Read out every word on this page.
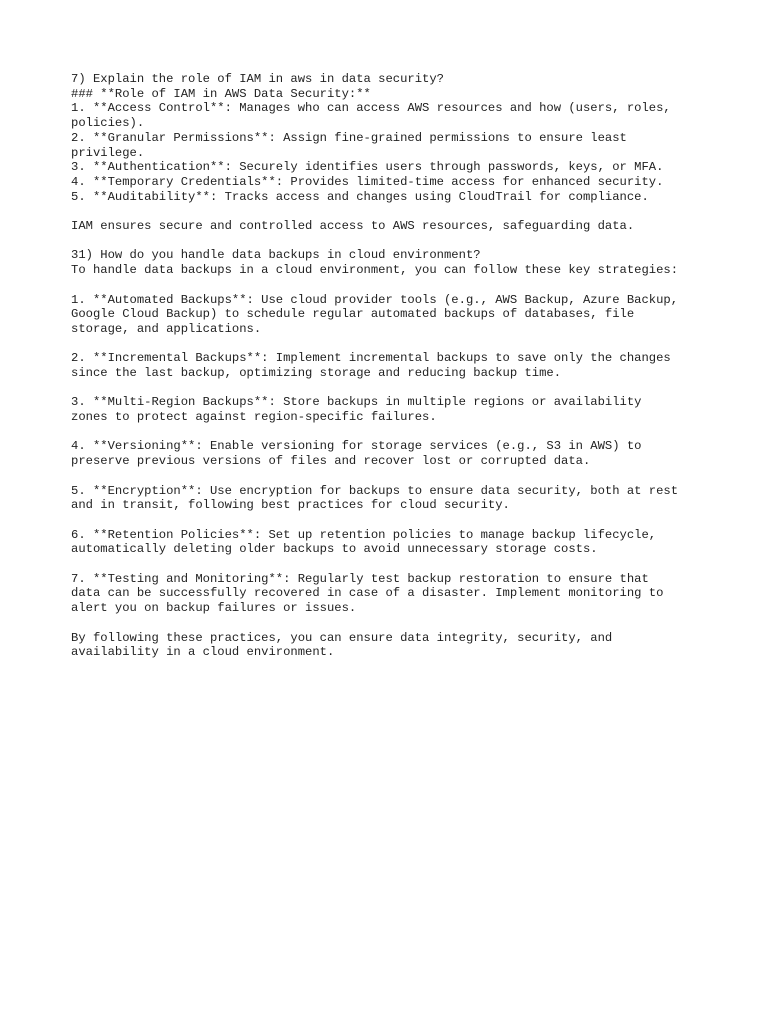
7) Explain the role of IAM in aws in data security?
### **Role of IAM in AWS Data Security:**
1. **Access Control**: Manages who can access AWS resources and how (users, roles,
policies).
2. **Granular Permissions**: Assign fine-grained permissions to ensure least
privilege.
3. **Authentication**: Securely identifies users through passwords, keys, or MFA.
4. **Temporary Credentials**: Provides limited-time access for enhanced security.
5. **Auditability**: Tracks access and changes using CloudTrail for compliance.
IAM ensures secure and controlled access to AWS resources, safeguarding data.
31) How do you handle data backups in cloud environment?
To handle data backups in a cloud environment, you can follow these key strategies:
1. **Automated Backups**: Use cloud provider tools (e.g., AWS Backup, Azure Backup,
Google Cloud Backup) to schedule regular automated backups of databases, file
storage, and applications.
2. **Incremental Backups**: Implement incremental backups to save only the changes
since the last backup, optimizing storage and reducing backup time.
3. **Multi-Region Backups**: Store backups in multiple regions or availability
zones to protect against region-specific failures.
4. **Versioning**: Enable versioning for storage services (e.g., S3 in AWS) to
preserve previous versions of files and recover lost or corrupted data.
5. **Encryption**: Use encryption for backups to ensure data security, both at rest
and in transit, following best practices for cloud security.
6. **Retention Policies**: Set up retention policies to manage backup lifecycle,
automatically deleting older backups to avoid unnecessary storage costs.
7. **Testing and Monitoring**: Regularly test backup restoration to ensure that
data can be successfully recovered in case of a disaster. Implement monitoring to
alert you on backup failures or issues.
By following these practices, you can ensure data integrity, security, and
availability in a cloud environment.
